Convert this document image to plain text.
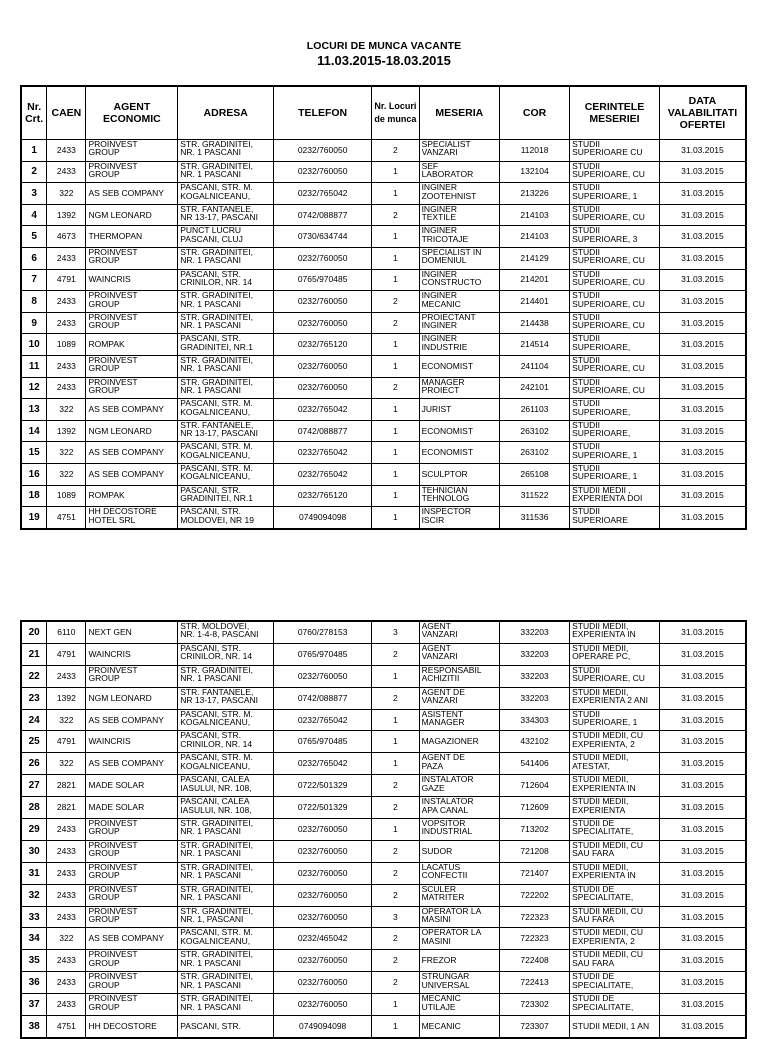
LOCURI DE MUNCA VACANTE
11.03.2015-18.03.2015
Nr. Crt.	CAEN	AGENT ECONOMIC	ADRESA	TELEFON	Nr. Locuri de munca	MESERIA	COR	CERINTELE MESERIEI	DATA VALABILITATI OFERTEI
1	2433	PROINVEST
GROUP	STR. GRADINITEI,
NR. 1 PASCANI	0232/760050	2	SPECIALIST
VANZARI	112018	STUDII
SUPERIOARE CU	31.03.2015
2	2433	PROINVEST
GROUP	STR. GRADINITEI,
NR. 1 PASCANI	0232/760050	1	SEF
LABORATOR	132104	STUDII
SUPERIOARE, CU	31.03.2015
3	322	AS SEB COMPANY	PASCANI, STR. M.
KOGALNICEANU,	0232/765042	1	INGINER
ZOOTEHNIST	213226	STUDII
SUPERIOARE, 1	31.03.2015
4	1392	NGM LEONARD	STR. FANTANELE,
NR 13-17, PASCANI	0742/088877	2	INGINER
TEXTILE	214103	STUDII
SUPERIOARE, CU	31.03.2015
5	4673	THERMOPAN	PUNCT LUCRU
PASCANI, CLUJ	0730/634744	1	INGINER
TRICOTAJE	214103	STUDII
SUPERIOARE, 3	31.03.2015
6	2433	PROINVEST
GROUP	STR. GRADINITEI,
NR. 1 PASCANI	0232/760050	1	SPECIALIST IN
DOMENIUL	214129	STUDII
SUPERIOARE, CU	31.03.2015
7	4791	WAINCRIS	PASCANI, STR.
CRINILOR, NR. 14	0765/970485	1	INGINER
CONSTRUCTO	214201	STUDII
SUPERIOARE, CU	31.03.2015
8	2433	PROINVEST
GROUP	STR. GRADINITEI,
NR. 1 PASCANI	0232/760050	2	INGINER
MECANIC	214401	STUDII
SUPERIOARE, CU	31.03.2015
9	2433	PROINVEST
GROUP	STR. GRADINITEI,
NR. 1 PASCANI	0232/760050	2	PROIECTANT
INGINER	214438	STUDII
SUPERIOARE, CU	31.03.2015
10	1089	ROMPAK	PASCANI, STR.
GRADINITEI, NR.1	0232/765120	1	INGINER
INDUSTRIE	214514	STUDII
SUPERIOARE,	31.03.2015
11	2433	PROINVEST
GROUP	STR. GRADINITEI,
NR. 1 PASCANI	0232/760050	1	ECONOMIST	241104	STUDII
SUPERIOARE, CU	31.03.2015
12	2433	PROINVEST
GROUP	STR. GRADINITEI,
NR. 1 PASCANI	0232/760050	2	MANAGER
PROIECT	242101	STUDII
SUPERIOARE, CU	31.03.2015
13	322	AS SEB COMPANY	PASCANI, STR. M.
KOGALNICEANU,	0232/765042	1	JURIST	261103	STUDII
SUPERIOARE,	31.03.2015
14	1392	NGM LEONARD	STR. FANTANELE,
NR 13-17, PASCANI	0742/088877	1	ECONOMIST	263102	STUDII
SUPERIOARE,	31.03.2015
15	322	AS SEB COMPANY	PASCANI, STR. M.
KOGALNICEANU,	0232/765042	1	ECONOMIST	263102	STUDII
SUPERIOARE, 1	31.03.2015
16	322	AS SEB COMPANY	PASCANI, STR. M.
KOGALNICEANU,	0232/765042	1	SCULPTOR	265108	STUDII
SUPERIOARE, 1	31.03.2015
18	1089	ROMPAK	PASCANI, STR.
GRADINITEI, NR.1	0232/765120	1	TEHNICIAN
TEHNOLOG	311522	STUDII MEDII ,
EXPERIENTA DOI	31.03.2015
19	4751	HH DECOSTORE
HOTEL SRL	PASCANI, STR.
MOLDOVEI, NR 19	0749094098	1	INSPECTOR
ISCIR	311536	STUDII
SUPERIOARE	31.03.2015
20	6110	NEXT GEN	STR. MOLDOVEI,
NR. 1-4-8, PASCANI	0760/278153	3	AGENT
VANZARI	332203	STUDII MEDII,
EXPERIENTA IN	31.03.2015
21	4791	WAINCRIS	PASCANI, STR.
CRINILOR, NR. 14	0765/970485	2	AGENT
VANZARI	332203	STUDII MEDII,
OPERARE PC,	31.03.2015
22	2433	PROINVEST
GROUP	STR. GRADINITEI,
NR. 1 PASCANI	0232/760050	1	RESPONSABIL
ACHIZITII	332203	STUDII
SUPERIOARE, CU	31.03.2015
23	1392	NGM LEONARD	STR. FANTANELE,
NR 13-17, PASCANI	0742/088877	2	AGENT DE
VANZARI	332203	STUDII MEDII,
EXPERIENTA 2 ANI	31.03.2015
24	322	AS SEB COMPANY	PASCANI, STR. M.
KOGALNICEANU,	0232/765042	1	ASISTENT
MANAGER	334303	STUDII
SUPERIOARE, 1	31.03.2015
25	4791	WAINCRIS	PASCANI, STR.
CRINILOR, NR. 14	0765/970485	1	MAGAZIONER	432102	STUDII MEDII, CU
EXPERIENTA, 2	31.03.2015
26	322	AS SEB COMPANY	PASCANI, STR. M.
KOGALNICEANU,	0232/765042	1	AGENT DE
PAZA	541406	STUDII MEDII,
ATESTAT,	31.03.2015
27	2821	MADE SOLAR	PASCANI, CALEA
IASULUI, NR. 108,	0722/501329	2	INSTALATOR
GAZE	712604	STUDII MEDII,
EXPERIENTA IN	31.03.2015
28	2821	MADE SOLAR	PASCANI, CALEA
IASULUI, NR. 108,	0722/501329	2	INSTALATOR
APA CANAL	712609	STUDII MEDII,
EXPERIENTA	31.03.2015
29	2433	PROINVEST
GROUP	STR. GRADINITEI,
NR. 1 PASCANI	0232/760050	1	VOPSITOR
INDUSTRIAL	713202	STUDII DE
SPECIALITATE,	31.03.2015
30	2433	PROINVEST
GROUP	STR. GRADINITEI,
NR. 1 PASCANI	0232/760050	2	SUDOR	721208	STUDII MEDII, CU
SAU FARA	31.03.2015
31	2433	PROINVEST
GROUP	STR. GRADINITEI,
NR. 1 PASCANI	0232/760050	2	LACATUS
CONFECTII	721407	STUDII MEDII,
EXPERIENTA IN	31.03.2015
32	2433	PROINVEST
GROUP	STR. GRADINITEI,
NR. 1 PASCANI	0232/760050	2	SCULER
MATRITER	722202	STUDII DE
SPECIALITATE,	31.03.2015
33	2433	PROINVEST
GROUP	STR. GRADINITEI,
NR. 1, PASCANI	0232/760050	3	OPERATOR LA
MASINI	722323	STUDII MEDII, CU
SAU FARA	31.03.2015
34	322	AS SEB COMPANY	PASCANI, STR. M.
KOGALNICEANU,	0232/465042	2	OPERATOR LA
MASINI	722323	STUDII MEDII, CU
EXPERIENTA, 2	31.03.2015
35	2433	PROINVEST
GROUP	STR. GRADINITEI,
NR. 1 PASCANI	0232/760050	2	FREZOR	722408	STUDII MEDII, CU
SAU FARA	31.03.2015
36	2433	PROINVEST
GROUP	STR. GRADINITEI,
NR. 1 PASCANI	0232/760050	2	STRUNGAR
UNIVERSAL	722413	STUDII DE
SPECIALITATE,	31.03.2015
37	2433	PROINVEST
GROUP	STR. GRADINITEI,
NR. 1 PASCANI	0232/760050	1	MECANIC
UTILAJE	723302	STUDII DE
SPECIALITATE,	31.03.2015
38	4751	HH DECOSTORE	PASCANI, STR.	0749094098	1	MECANIC	723307	STUDII MEDII, 1 AN	31.03.2015
